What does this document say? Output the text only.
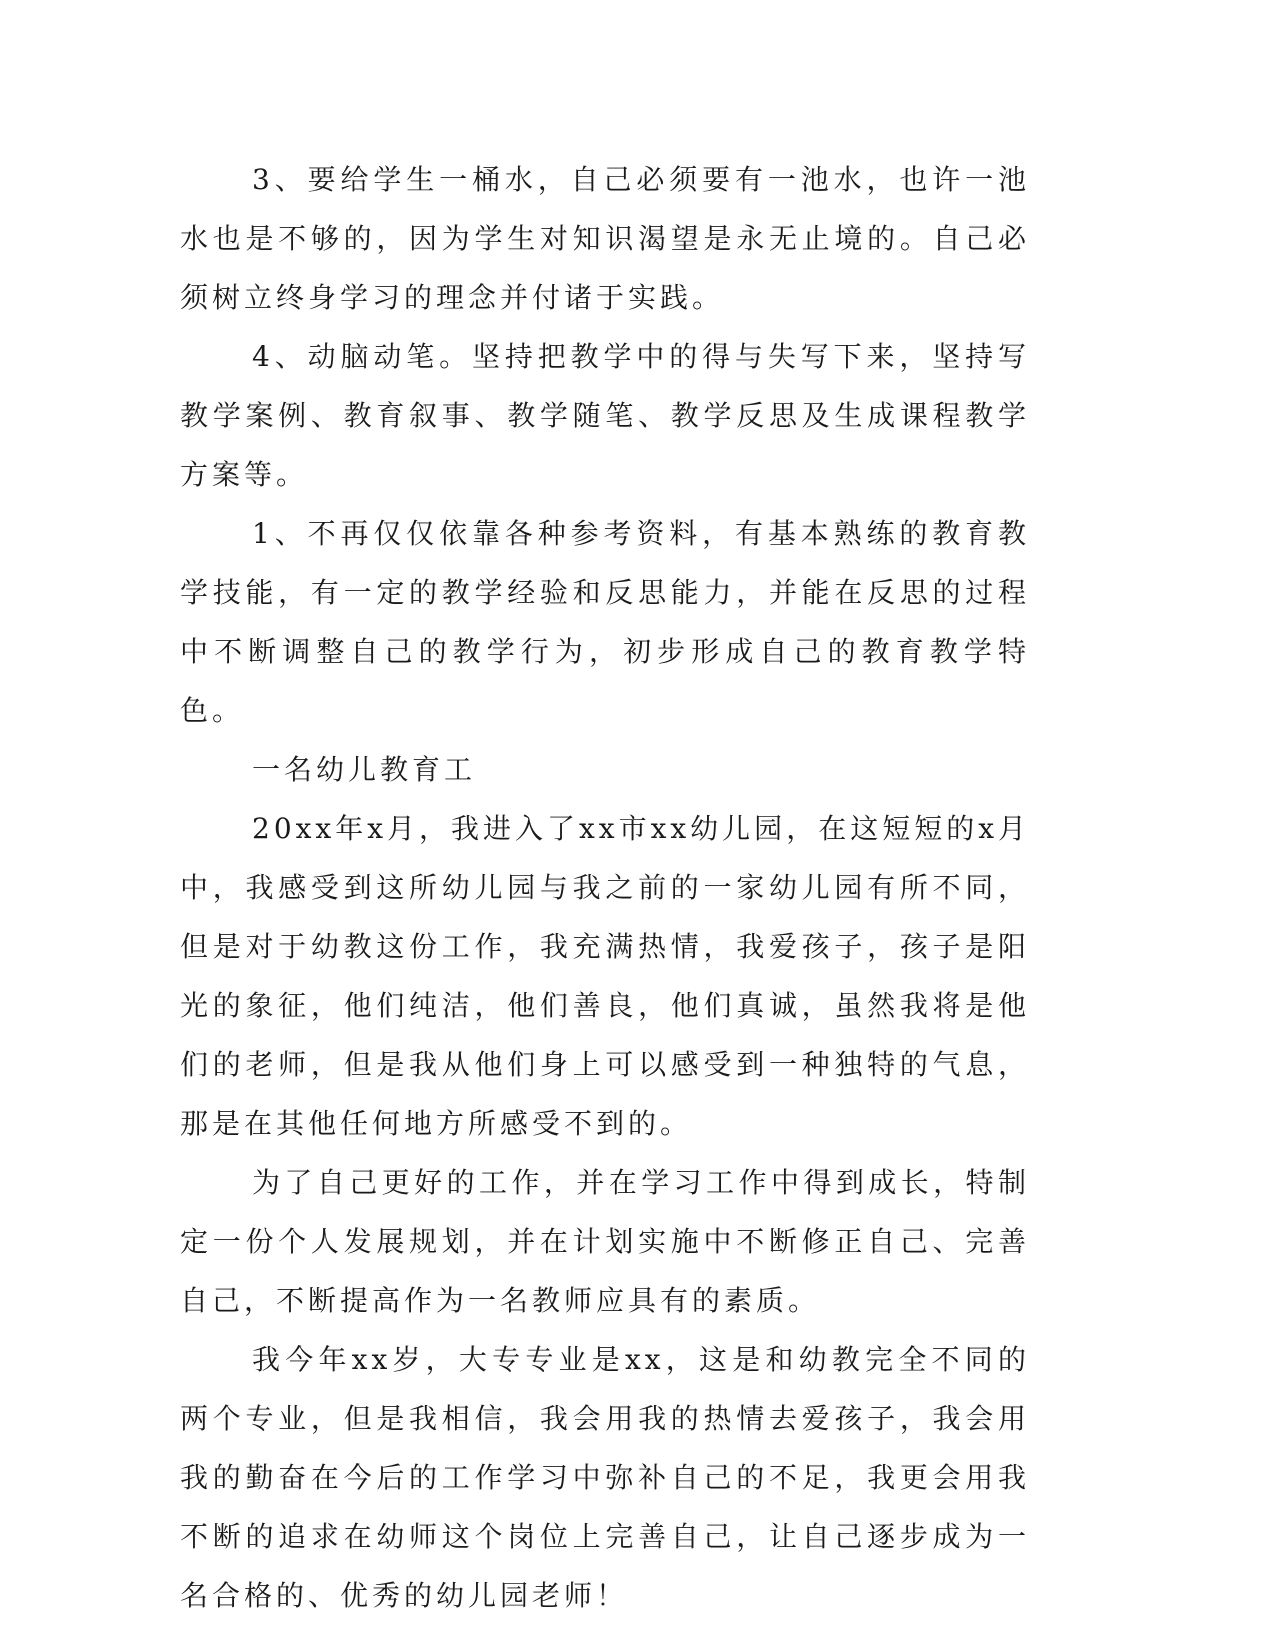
3、要给学生一桶水，自己必须要有一池水，也许一池水也是不够的，因为学生对知识渴望是永无止境的。自己必须树立终身学习的理念并付诸于实践。

4、动脑动笔。坚持把教学中的得与失写下来，坚持写教学案例、教育叙事、教学随笔、教学反思及生成课程教学方案等。

1、不再仅仅依靠各种参考资料，有基本熟练的教育教学技能，有一定的教学经验和反思能力，并能在反思的过程中不断调整自己的教学行为，初步形成自己的教育教学特色。

一名幼儿教育工

20xx年x月，我进入了xx市xx幼儿园，在这短短的x月中，我感受到这所幼儿园与我之前的一家幼儿园有所不同，但是对于幼教这份工作，我充满热情，我爱孩子，孩子是阳光的象征，他们纯洁，他们善良，他们真诚，虽然我将是他们的老师，但是我从他们身上可以感受到一种独特的气息，那是在其他任何地方所感受不到的。

为了自己更好的工作，并在学习工作中得到成长，特制定一份个人发展规划，并在计划实施中不断修正自己、完善自己，不断提高作为一名教师应具有的素质。

我今年xx岁，大专专业是xx，这是和幼教完全不同的两个专业，但是我相信，我会用我的热情去爱孩子，我会用我的勤奋在今后的工作学习中弥补自己的不足，我更会用我不断的追求在幼师这个岗位上完善自己，让自己逐步成为一名合格的、优秀的幼儿园老师！
